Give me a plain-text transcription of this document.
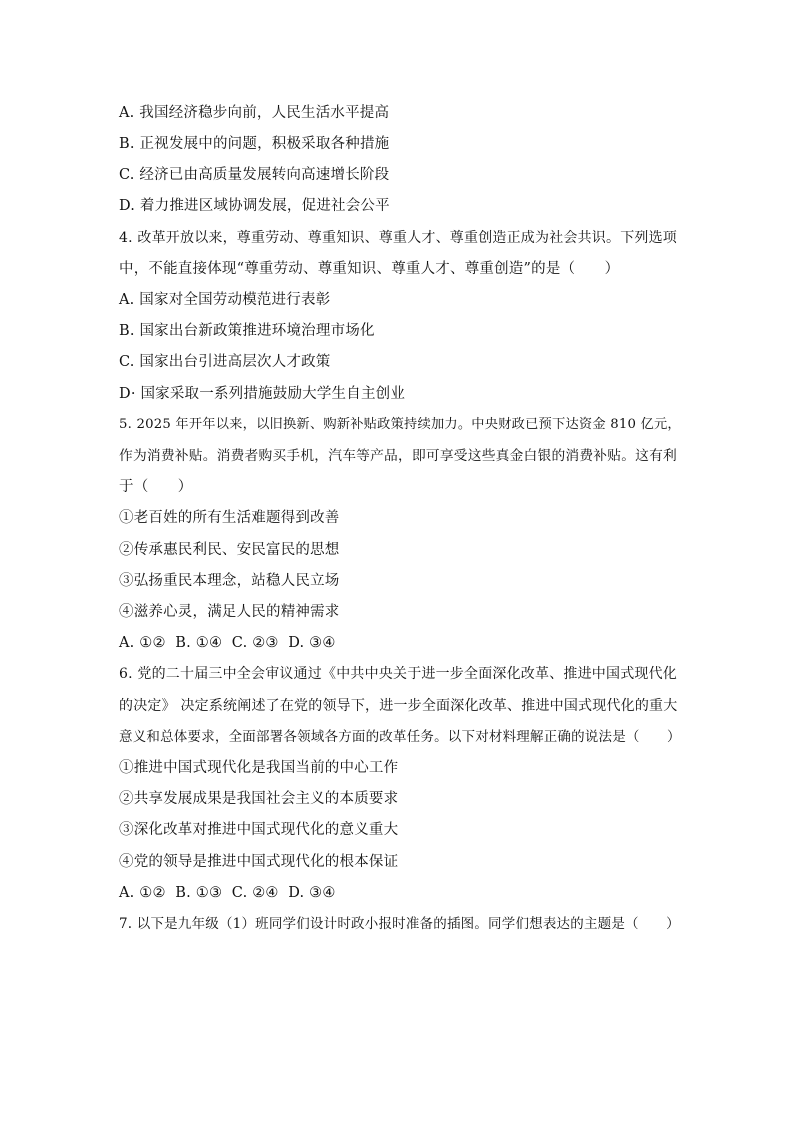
A. 我国经济稳步向前，人民生活水平提高
B. 正视发展中的问题，积极采取各种措施
C. 经济已由高质量发展转向高速增长阶段
D. 着力推进区域协调发展，促进社会公平
4. 改革开放以来，尊重劳动、尊重知识、尊重人才、尊重创造正成为社会共识。下列选项
中，不能直接体现“尊重劳动、尊重知识、尊重人才、尊重创造”的是（　　）
A. 国家对全国劳动模范进行表彰
B. 国家出台新政策推进环境治理市场化
C. 国家出台引进高层次人才政策
D· 国家采取一系列措施鼓励大学生自主创业
5. 2025 年开年以来，以旧换新、购新补贴政策持续加力。中央财政已预下达资金 810 亿元，
作为消费补贴。消费者购买手机，汽车等产品，即可享受这些真金白银的消费补贴。这有利
于（　　）
①老百姓的所有生活难题得到改善
②传承惠民利民、安民富民的思想
③弘扬重民本理念，站稳人民立场
④滋养心灵，满足人民的精神需求
A. ①②  B. ①④  C. ②③  D. ③④
6. 党的二十届三中全会审议通过《中共中央关于进一步全面深化改革、推进中国式现代化
的决定》 决定系统阐述了在党的领导下，进一步全面深化改革、推进中国式现代化的重大
意义和总体要求，全面部署各领域各方面的改革任务。以下对材料理解正确的说法是（　　）
①推进中国式现代化是我国当前的中心工作
②共享发展成果是我国社会主义的本质要求
③深化改革对推进中国式现代化的意义重大
④党的领导是推进中国式现代化的根本保证
A. ①②  B. ①③  C. ②④  D. ③④
7. 以下是九年级（1）班同学们设计时政小报时准备的插图。同学们想表达的主题是（　　）
